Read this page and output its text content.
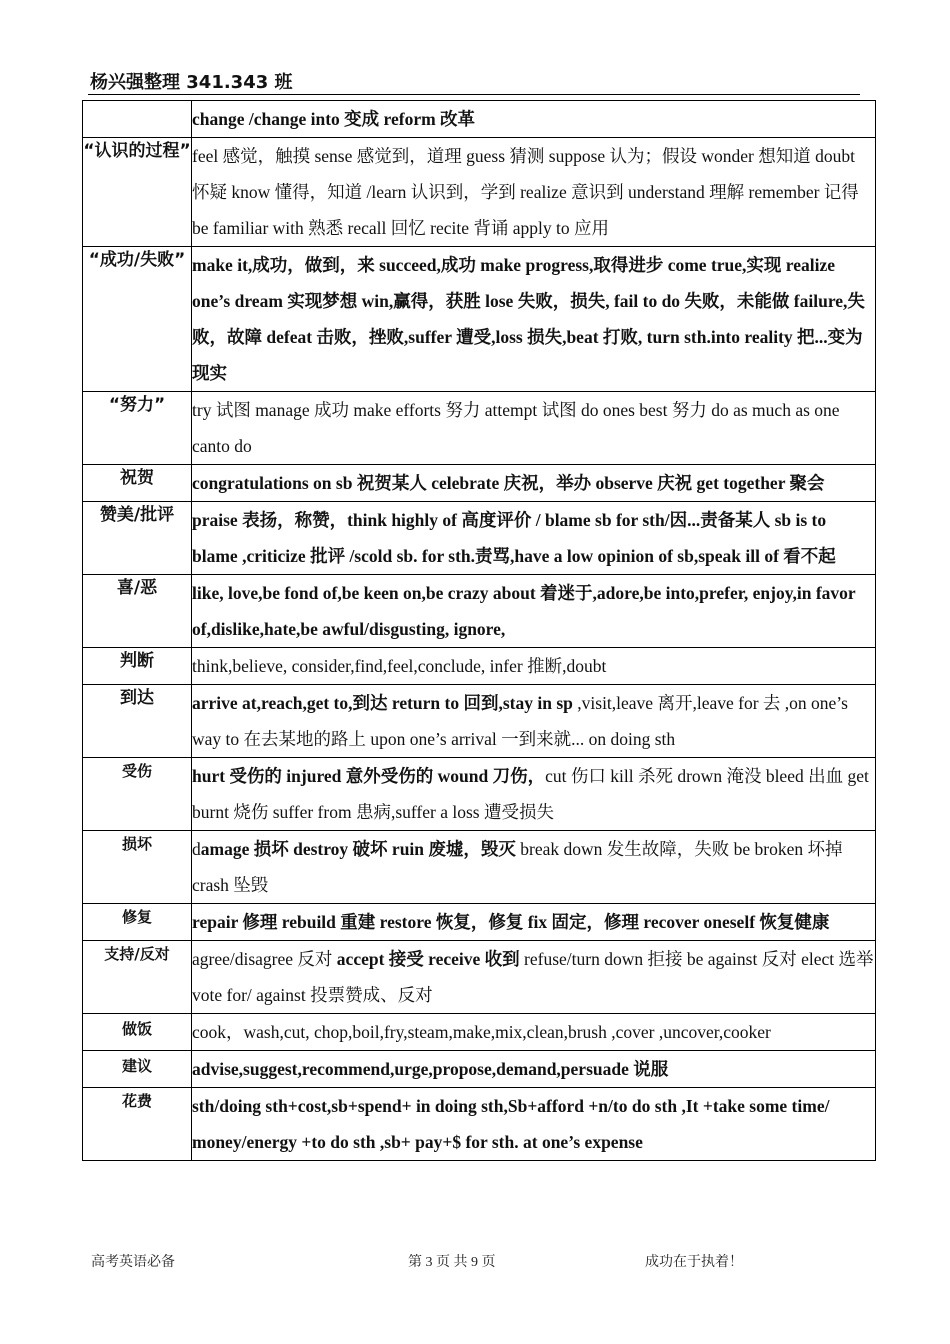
杨兴强整理 341.343 班
	change /change into 变成 reform 改革
“认识的过程”	feel 感觉，触摸 sense 感觉到，道理 guess 猜测 suppose 认为；假设 wonder 想知道 doubt 怀疑 know 懂得，知道 /learn 认识到，学到 realize 意识到 understand 理解 remember 记得 be familiar with 熟悉 recall 回忆 recite 背诵 apply to 应用
“成功/失败”	make it,成功，做到，来 succeed,成功 make progress,取得进步 come true,实现 realize one’s dream 实现梦想 win,赢得，获胜 lose 失败，损失, fail to do 失败，未能做 failure,失败，故障 defeat 击败，挫败,suffer 遭受,loss 损失,beat 打败, turn sth.into reality 把...变为现实
“努力”	try 试图 manage 成功 make efforts 努力 attempt 试图 do ones best 努力 do as much as one canto do
祝贺	congratulations on sb 祝贺某人 celebrate 庆祝，举办 observe 庆祝 get together 聚会
赞美/批评	praise 表扬，称赞，think highly of 高度评价 / blame sb for sth/因...责备某人 sb is to blame ,criticize 批评 /scold sb. for sth.责骂,have a low opinion of sb,speak ill of 看不起
喜/恶	like, love,be fond of,be keen on,be crazy about 着迷于,adore,be into,prefer, enjoy,in favor of,dislike,hate,be awful/disgusting, ignore,
判断	think,believe, consider,find,feel,conclude, infer 推断,doubt
到达	arrive at,reach,get to,到达 return to 回到,stay in sp ,visit,leave 离开,leave for 去 ,on one’s way to 在去某地的路上 upon one’s arrival 一到来就... on doing sth
受伤	hurt 受伤的 injured 意外受伤的 wound 刀伤，cut 伤口 kill 杀死 drown 淹没 bleed 出血 get burnt 烧伤 suffer from 患病,suffer a loss 遭受损失
损坏	damage 损坏 destroy 破坏 ruin 废墟，毁灭 break down 发生故障，失败 be broken 坏掉 crash 坠毁
修复	repair 修理 rebuild 重建 restore 恢复，修复 fix 固定，修理 recover oneself 恢复健康
支持/反对	agree/disagree 反对 accept 接受 receive 收到 refuse/turn down 拒接 be against 反对 elect 选举 vote for/ against 投票赞成、反对
做饭	cook，wash,cut, chop,boil,fry,steam,make,mix,clean,brush ,cover ,uncover,cooker
建议	advise,suggest,recommend,urge,propose,demand,persuade 说服
花费	sth/doing sth+cost,sb+spend+ in doing sth,Sb+afford +n/to do sth ,It +take some time/ money/energy +to do sth ,sb+ pay+$ for sth. at one’s expense
高考英语必备	第 3 页 共 9 页	成功在于执着！
